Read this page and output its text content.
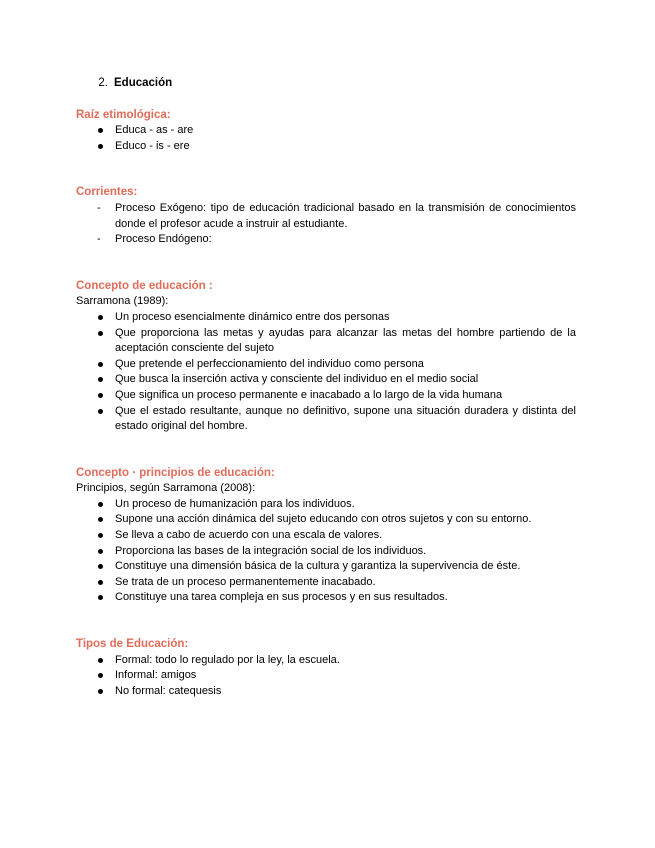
2. Educación
Raíz etimológica:
Educa - as - are
Educo - is - ere
Corrientes:
- Proceso Exógeno: tipo de educación tradicional basado en la transmisión de conocimientos donde el profesor acude a instruir al estudiante.
- Proceso Endógeno:
Concepto de educación :

Sarramona (1989):

Un proceso esencialmente dinámico entre dos personas
Que proporciona las metas y ayudas para alcanzar las metas del hombre partiendo de la aceptación consciente del sujeto
Que pretende el perfeccionamiento del individuo como persona
Que busca la inserción activa y consciente del individuo en el medio social
Que significa un proceso permanente e inacabado a lo largo de la vida humana
Que el estado resultante, aunque no definitivo, supone una situación duradera y distinta del estado original del hombre.
Concepto · principios de educación:

Principios, según Sarramona (2008):

Un proceso de humanización para los individuos.
Supone una acción dinámica del sujeto educando con otros sujetos y con su entorno.
Se lleva a cabo de acuerdo con una escala de valores.
Proporciona las bases de la integración social de los individuos.
Constituye una dimensión básica de la cultura y garantiza la supervivencia de éste.
Se trata de un proceso permanentemente inacabado.
Constituye una tarea compleja en sus procesos y en sus resultados.
Tipos de Educación:
Formal: todo lo regulado por la ley, la escuela.
Informal: amigos
No formal: catequesis
